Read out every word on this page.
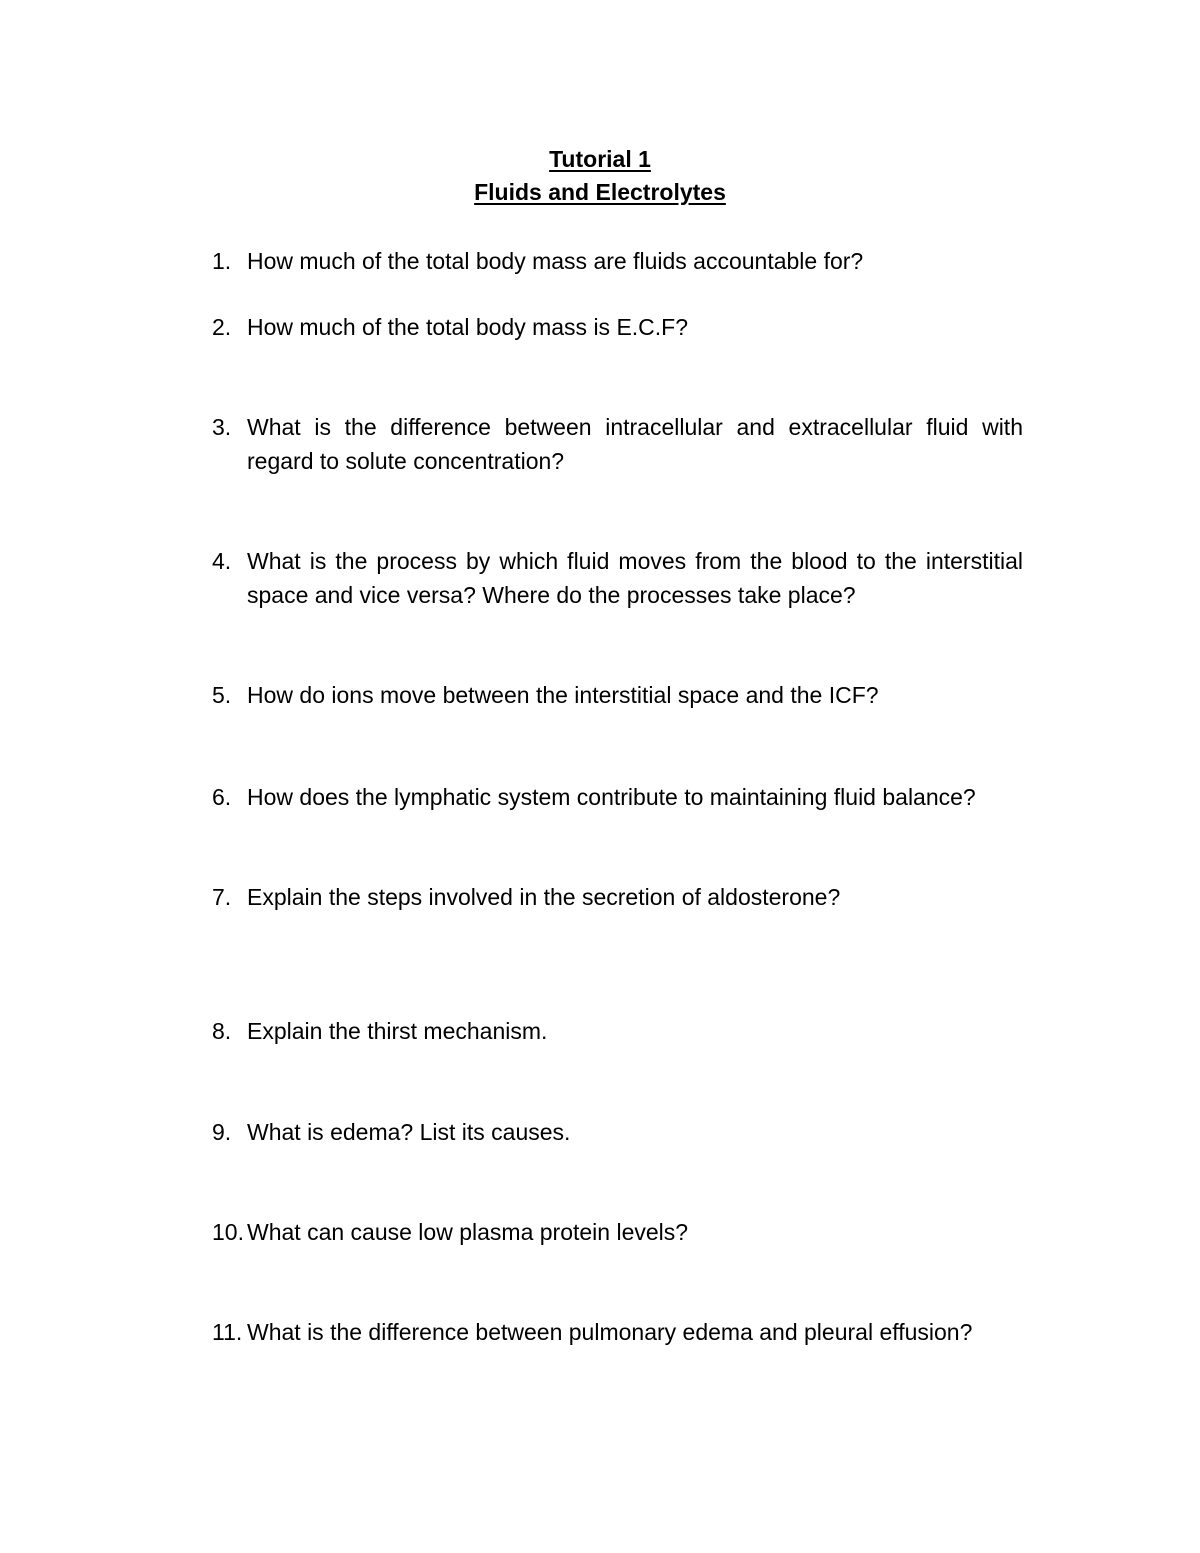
Tutorial 1
Fluids and Electrolytes
1. How much of the total body mass are fluids accountable for?
2. How much of the total body mass is E.C.F?
3. What is the difference between intracellular and extracellular fluid with regard to solute concentration?
4. What is the process by which fluid moves from the blood to the interstitial space and vice versa? Where do the processes take place?
5. How do ions move between the interstitial space and the ICF?
6. How does the lymphatic system contribute to maintaining fluid balance?
7. Explain the steps involved in the secretion of aldosterone?
8. Explain the thirst mechanism.
9. What is edema? List its causes.
10. What can cause low plasma protein levels?
11. What is the difference between pulmonary edema and pleural effusion?
